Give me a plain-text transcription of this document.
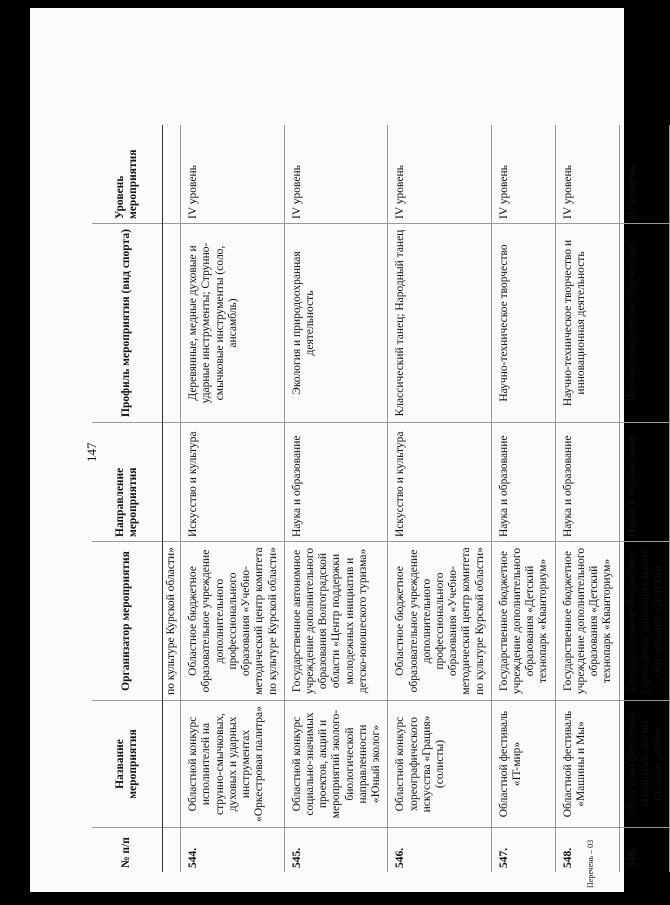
147
№ п/п	Название мероприятия	Организатор мероприятия	Направление мероприятия	Профиль мероприятия (вид спорта)	Уровень мероприятия
		по культуре Курской области»			
544.	Областной конкурс исполнителей на струнно-смычковых, духовых и ударных инструментах «Оркестровая палитра»	Областное бюджетное образовательное учреждение дополнительного профессионального образования «Учебно-методический центр комитета по культуре Курской области»	Искусство и культура	Деревянные, медные духовые и ударные инструменты; Струнно-смычковые инструменты (соло, ансамбль)	IV уровень
545.	Областной конкурс социально-значимых проектов, акций и мероприятий эколого-биологической направленности «Юный эколог»	Государственное автономное учреждение дополнительного образования Волгоградской области «Центр поддержки молодежных инициатив и детско-юношеского туризма»	Наука и образование	Экология и природоохранная деятельность	IV уровень
546.	Областной конкурс хореографического искусства «Грация» (солисты)	Областное бюджетное образовательное учреждение дополнительного профессионального образования «Учебно-методический центр комитета по культуре Курской области»	Искусство и культура	Классический танец; Народный танец	IV уровень
547.	Областной фестиваль «IT-мир»	Государственное бюджетное учреждение дополнительного образования «Детский технопарк «Кванториум»	Наука и образование	Научно-техническое творчество	IV уровень
548.	Областной фестиваль «Машины и Мы»	Государственное бюджетное учреждение дополнительного образования «Детский технопарк «Кванториум»	Наука и образование	Научно-техническое творчество и инновационная деятельность	IV уровень
549.	Областной фестиваль «Нанотехнологии глазами детей»	Государственное бюджетное учреждение дополнительного образования «Детский	Наука и образование	Научно-техническое творчество	IV уровень
Перечень – 03
